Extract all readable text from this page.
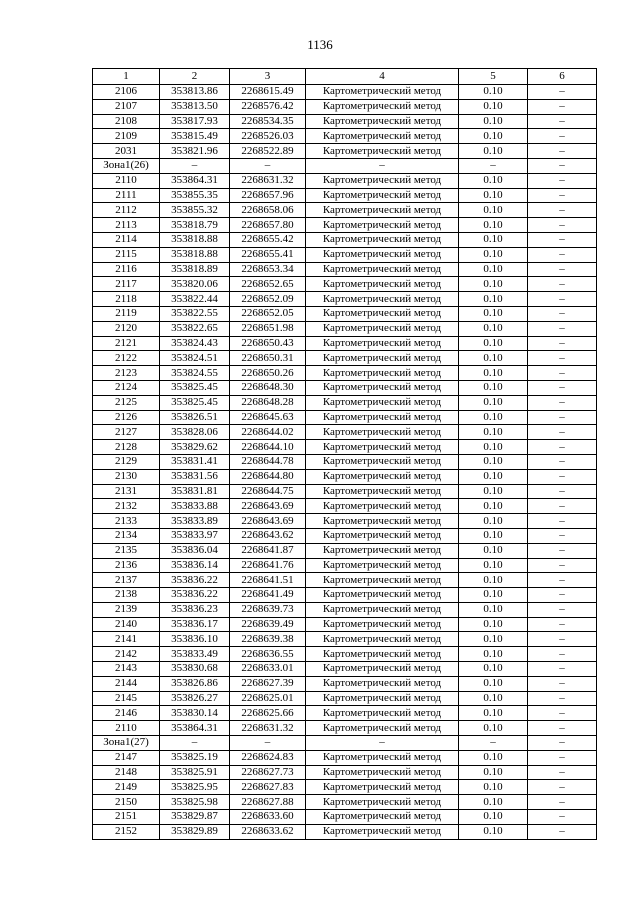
1136
1	2	3	4	5	6
2106	353813.86	2268615.49	Картометрический метод	0.10	–
2107	353813.50	2268576.42	Картометрический метод	0.10	–
2108	353817.93	2268534.35	Картометрический метод	0.10	–
2109	353815.49	2268526.03	Картометрический метод	0.10	–
2031	353821.96	2268522.89	Картометрический метод	0.10	–
Зона1(26)	–	–	–	–	–
2110	353864.31	2268631.32	Картометрический метод	0.10	–
2111	353855.35	2268657.96	Картометрический метод	0.10	–
2112	353855.32	2268658.06	Картометрический метод	0.10	–
2113	353818.79	2268657.80	Картометрический метод	0.10	–
2114	353818.88	2268655.42	Картометрический метод	0.10	–
2115	353818.88	2268655.41	Картометрический метод	0.10	–
2116	353818.89	2268653.34	Картометрический метод	0.10	–
2117	353820.06	2268652.65	Картометрический метод	0.10	–
2118	353822.44	2268652.09	Картометрический метод	0.10	–
2119	353822.55	2268652.05	Картометрический метод	0.10	–
2120	353822.65	2268651.98	Картометрический метод	0.10	–
2121	353824.43	2268650.43	Картометрический метод	0.10	–
2122	353824.51	2268650.31	Картометрический метод	0.10	–
2123	353824.55	2268650.26	Картометрический метод	0.10	–
2124	353825.45	2268648.30	Картометрический метод	0.10	–
2125	353825.45	2268648.28	Картометрический метод	0.10	–
2126	353826.51	2268645.63	Картометрический метод	0.10	–
2127	353828.06	2268644.02	Картометрический метод	0.10	–
2128	353829.62	2268644.10	Картометрический метод	0.10	–
2129	353831.41	2268644.78	Картометрический метод	0.10	–
2130	353831.56	2268644.80	Картометрический метод	0.10	–
2131	353831.81	2268644.75	Картометрический метод	0.10	–
2132	353833.88	2268643.69	Картометрический метод	0.10	–
2133	353833.89	2268643.69	Картометрический метод	0.10	–
2134	353833.97	2268643.62	Картометрический метод	0.10	–
2135	353836.04	2268641.87	Картометрический метод	0.10	–
2136	353836.14	2268641.76	Картометрический метод	0.10	–
2137	353836.22	2268641.51	Картометрический метод	0.10	–
2138	353836.22	2268641.49	Картометрический метод	0.10	–
2139	353836.23	2268639.73	Картометрический метод	0.10	–
2140	353836.17	2268639.49	Картометрический метод	0.10	–
2141	353836.10	2268639.38	Картометрический метод	0.10	–
2142	353833.49	2268636.55	Картометрический метод	0.10	–
2143	353830.68	2268633.01	Картометрический метод	0.10	–
2144	353826.86	2268627.39	Картометрический метод	0.10	–
2145	353826.27	2268625.01	Картометрический метод	0.10	–
2146	353830.14	2268625.66	Картометрический метод	0.10	–
2110	353864.31	2268631.32	Картометрический метод	0.10	–
Зона1(27)	–	–	–	–	–
2147	353825.19	2268624.83	Картометрический метод	0.10	–
2148	353825.91	2268627.73	Картометрический метод	0.10	–
2149	353825.95	2268627.83	Картометрический метод	0.10	–
2150	353825.98	2268627.88	Картометрический метод	0.10	–
2151	353829.87	2268633.60	Картометрический метод	0.10	–
2152	353829.89	2268633.62	Картометрический метод	0.10	–
